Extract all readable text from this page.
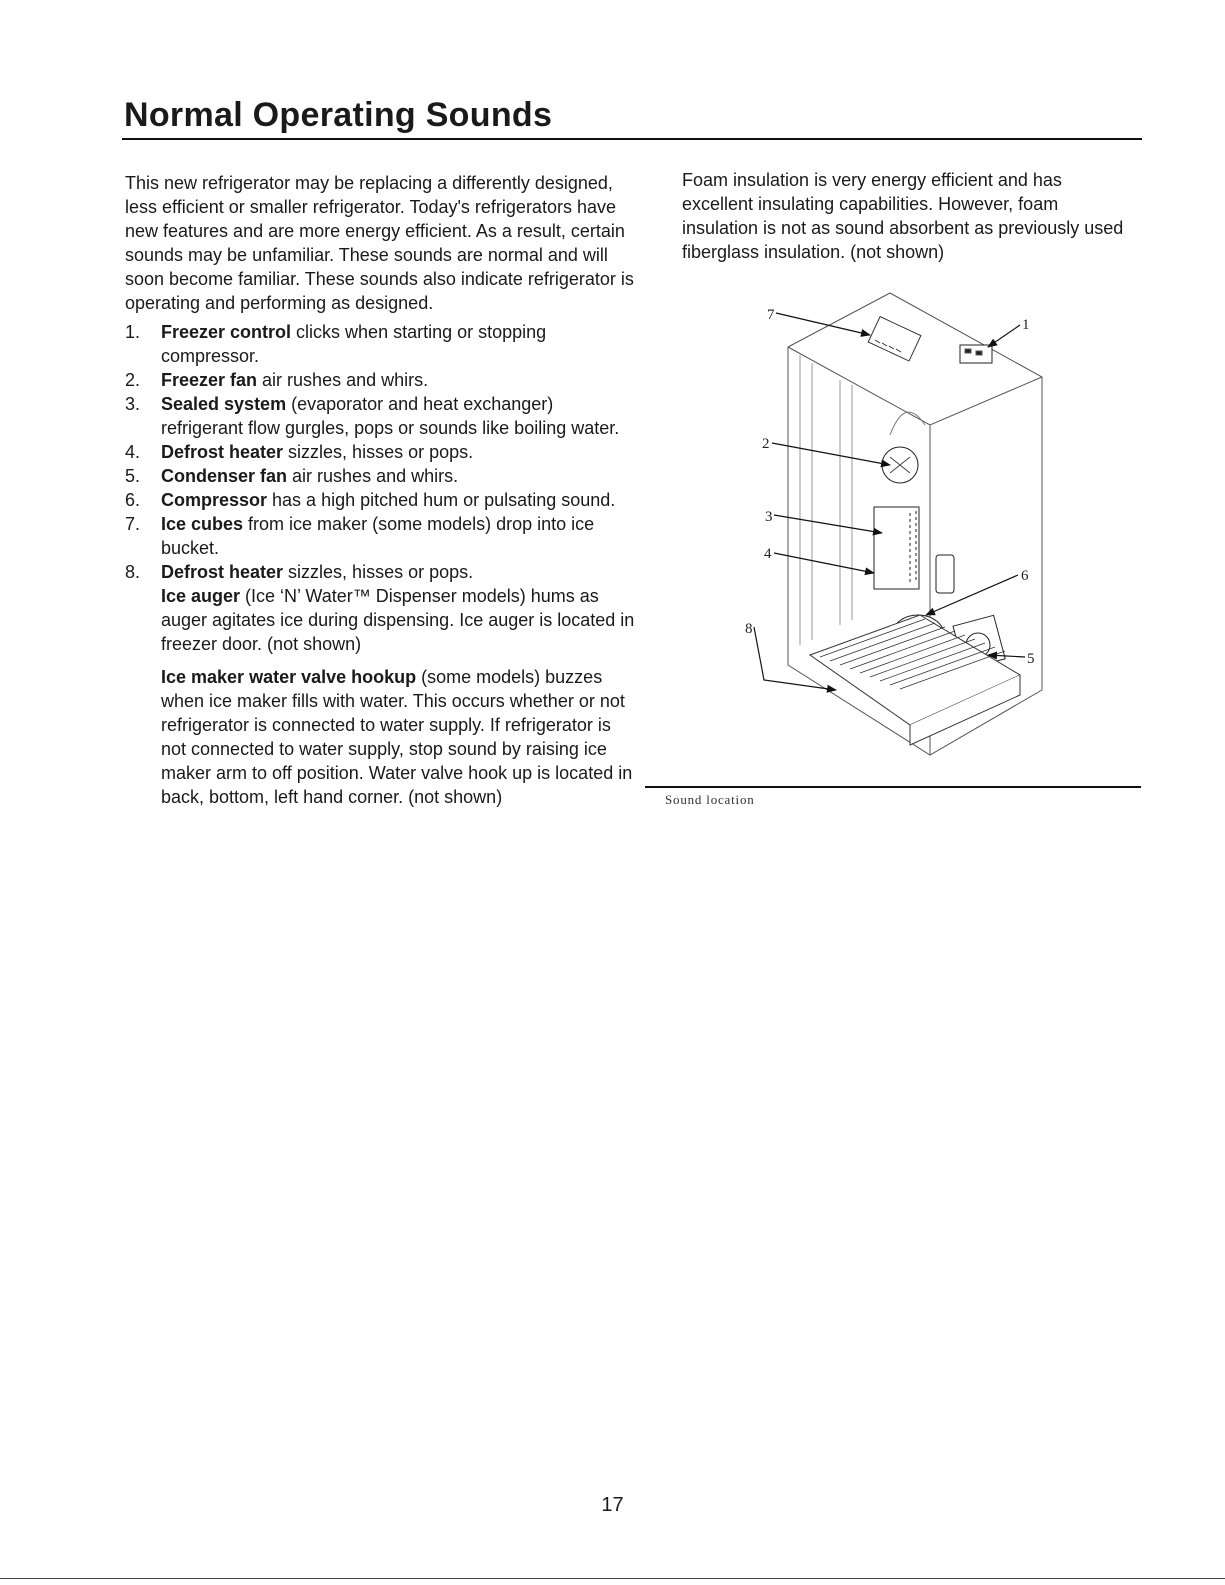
Normal Operating Sounds

This new refrigerator may be replacing a differently designed, less efficient or smaller refrigerator. Today's refrigerators have new features and are more energy efficient. As a result, certain sounds may be unfamiliar. These sounds are normal and will soon become familiar. These sounds also indicate refrigerator is operating and performing as designed.

1. Freezer control clicks when starting or stopping compressor.
2. Freezer fan air rushes and whirs.
3. Sealed system (evaporator and heat exchanger) refrigerant flow gurgles, pops or sounds like boiling water.
4. Defrost heater sizzles, hisses or pops.
5. Condenser fan air rushes and whirs.
6. Compressor has a high pitched hum or pulsating sound.
7. Ice cubes from ice maker (some models) drop into ice bucket.
8. Defrost heater sizzles, hisses or pops.
Ice auger (Ice ‘N’ Water™ Dispenser models) hums as auger agitates ice during dispensing. Ice auger is located in freezer door. (not shown)
Ice maker water valve hookup (some models) buzzes when ice maker fills with water. This occurs whether or not refrigerator is connected to water supply. If refrigerator is not connected to water supply, stop sound by raising ice maker arm to off position. Water valve hook up is located in back, bottom, left hand corner. (not shown)

Foam insulation is very energy efficient and has excellent insulating capabilities. However, foam insulation is not as sound absorbent as previously used fiberglass insulation. (not shown)

7
1
2
3
4
6
8
5
Sound location
17
